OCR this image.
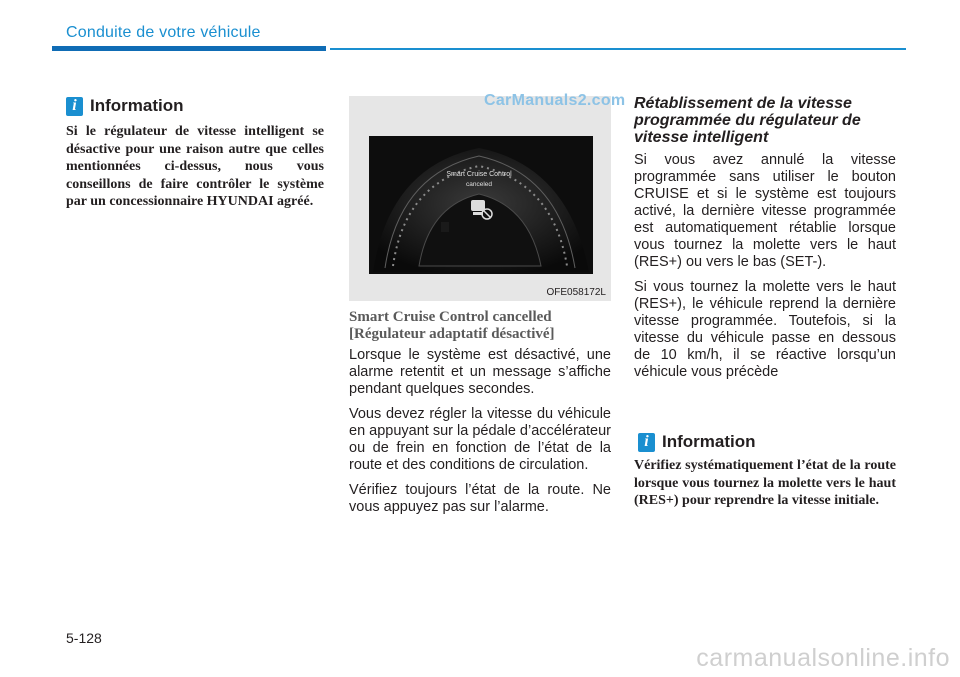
Conduite de votre véhicule
i Information
Si le régulateur de vitesse intelligent se désactive pour une raison autre que celles mentionnées ci-dessus, nous vous conseillons de faire contrôler le système par un concessionnaire HYUNDAI agréé.
Smart Cruise Control
canceled
OFE058172L
CarManuals2.com
Smart Cruise Control cancelled
[Régulateur adaptatif désactivé]

Lorsque le système est désactivé, une alarme retentit et un message s’affiche pendant quelques secondes.

Vous devez régler la vitesse du véhicule en appuyant sur la pédale d’accélérateur ou de frein en fonction de l’état de la route et des conditions de circulation.

Vérifiez toujours l’état de la route. Ne vous appuyez pas sur l’alarme.

Rétablissement de la vitesse programmée du régulateur de vitesse intelligent

Si vous avez annulé la vitesse programmée sans utiliser le bouton CRUISE et si le système est toujours activé, la dernière vitesse programmée est automatiquement rétablie lorsque vous tournez la molette vers le haut (RES+) ou vers le bas (SET-).

Si vous tournez la molette vers le haut (RES+), le véhicule reprend la dernière vitesse programmée. Toutefois, si la vitesse du véhicule passe en dessous de 10 km/h, il se réactive lorsqu’un véhicule vous précède

i Information
Vérifiez systématiquement l’état de la route lorsque vous tournez la molette vers le haut (RES+) pour reprendre la vitesse initiale.
5-128
carmanualsonline.info
